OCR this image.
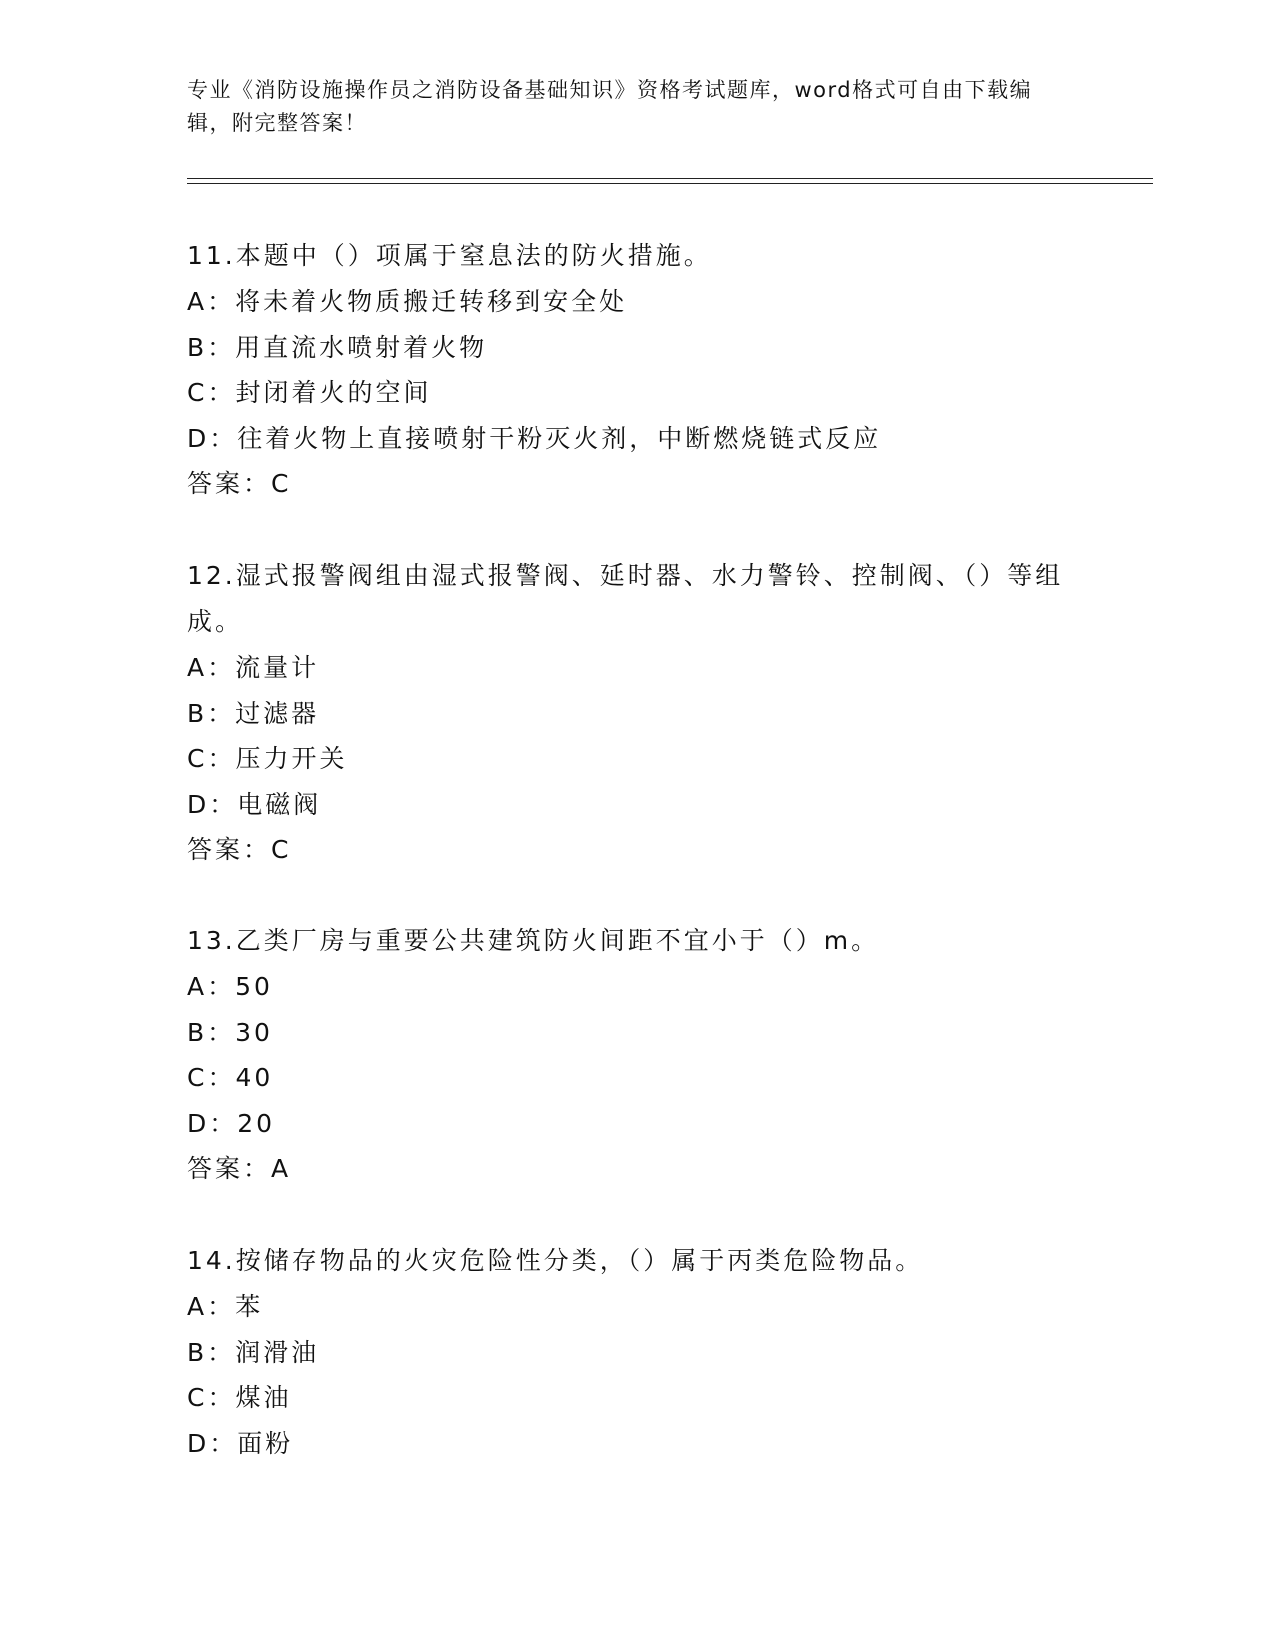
专业《消防设施操作员之消防设备基础知识》资格考试题库，word格式可自由下载编辑，附完整答案！
11.本题中（）项属于窒息法的防火措施。
A：将未着火物质搬迁转移到安全处
B：用直流水喷射着火物
C：封闭着火的空间
D：往着火物上直接喷射干粉灭火剂，中断燃烧链式反应
答案：C
12.湿式报警阀组由湿式报警阀、延时器、水力警铃、控制阀、（）等组成。
A：流量计
B：过滤器
C：压力开关
D：电磁阀
答案：C
13.乙类厂房与重要公共建筑防火间距不宜小于（）m。
A：50
B：30
C：40
D：20
答案：A
14.按储存物品的火灾危险性分类，（）属于丙类危险物品。
A：苯
B：润滑油
C：煤油
D：面粉
